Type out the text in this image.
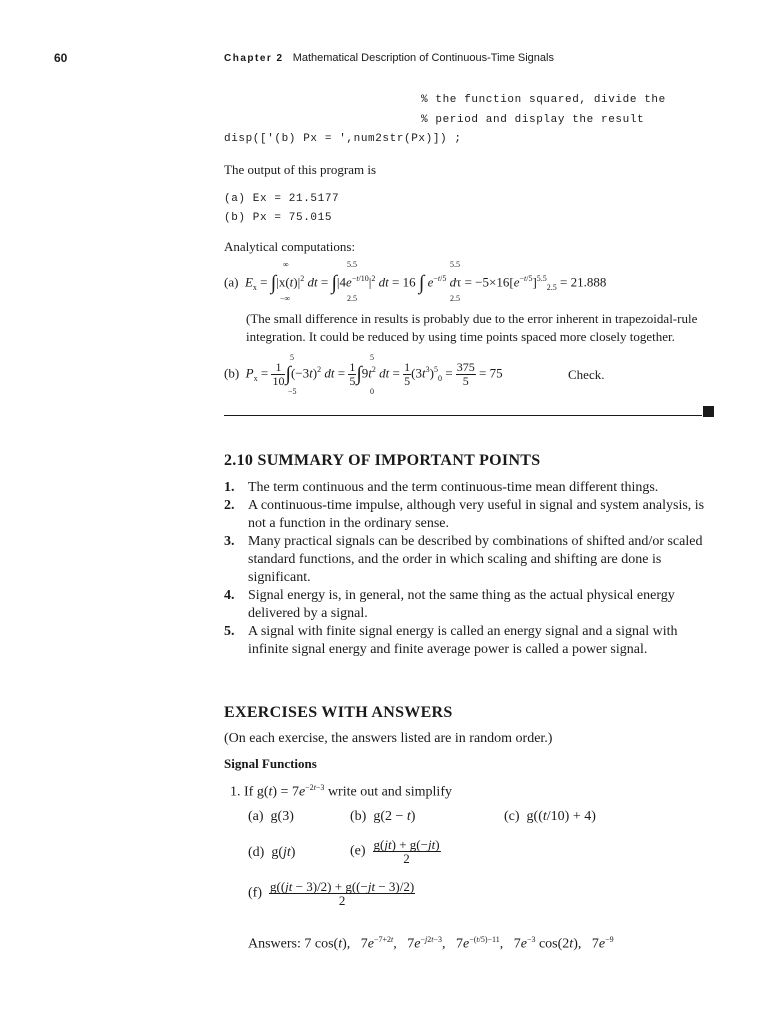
60	Chapter 2 Mathematical Description of Continuous-Time Signals
% the function squared, divide the
% period and display the result
disp(['(b) Px = ',num2str(Px)]) ;
The output of this program is
(a) Ex = 21.5177
(b) Px = 75.015
Analytical computations:
∞
−∞
5.5
2.5
5.5
2.5
(a)  $E_x = \int|x(t)|^2$ dt = $\int|4e^{-t/10}|^2$ dt = 16 ∫ $e^{-t/5}$ $d\tau = -5\times 16[e^{-t/5}]^{5.5}_{2.5} = 21.888$
(The small difference in results is probably due to the error inherent in trapezoidal-rule
integration. It could be reduced by using time points spaced more closely together.
5
−5
5
0
(b)  $P_x = \frac{1}{10} \int(-3t)^2$ dt = $\frac{1}{5} \int 9t^2$ dt = $\frac{1}{5} (3t^3)^5_0 = \frac{375}{5} = 75$	Check.
2.10 SUMMARY OF IMPORTANT POINTS
1. The term continuous and the term continuous-time mean different things.
2. A continuous-time impulse, although very useful in signal and system analysis, is not a function in the ordinary sense.
3. Many practical signals can be described by combinations of shifted and/or scaled standard functions, and the order in which scaling and shifting are done is significant.
4. Signal energy is, in general, not the same thing as the actual physical energy delivered by a signal.
5. A signal with finite signal energy is called an energy signal and a signal with infinite signal energy and finite average power is called a power signal.
EXERCISES WITH ANSWERS
(On each exercise, the answers listed are in random order.)
Signal Functions
1. If $g(t) = 7e^{-2t-3}$ write out and simplify
(a)  g(3)	(b)  g(2 − t)	(c)  g((t/10) + 4)
(d)  g(jt)	$(e) \frac{g(jt) + g(-jt)}{2}$
$(f) \frac{g((jt - 3)/2) + g((-jt - 3)/2)}{2}$
Answers: 7 cos(t),   $7e^{-7+2t}$,   $7e^{-j2t-3}$,   $7e^{-(t/5)-11}$,   $7e^{-3}$ cos(2t),   $7e^{-9}$
